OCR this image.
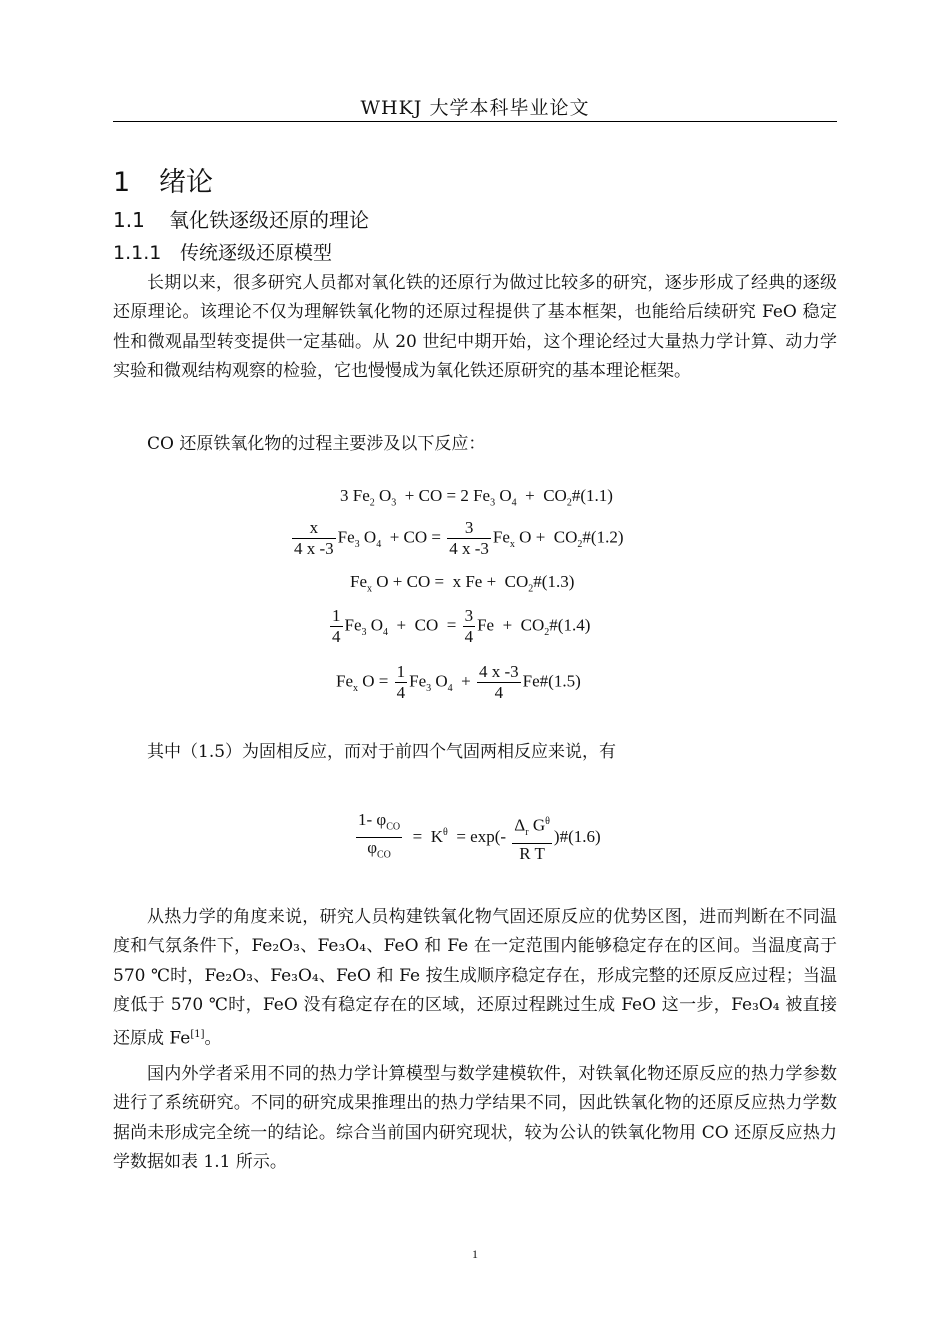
WHKJ 大学本科毕业论文
1 绪论
1.1 氧化铁逐级还原的理论
1.1.1 传统逐级还原模型

长期以来，很多研究人员都对氧化铁的还原行为做过比较多的研究，逐步形成了经典的逐级还原理论。该理论不仅为理解铁氧化物的还原过程提供了基本框架，也能给后续研究 FeO 稳定性和微观晶型转变提供一定基础。从 20 世纪中期开始，这个理论经过大量热力学计算、动力学实验和微观结构观察的检验，它也慢慢成为氧化铁还原研究的基本理论框架。

CO 还原铁氧化物的过程主要涉及以下反应：

3 $Fe_2$ $O_3$  + CO = 2 $Fe_3$ $O_4$  +  $CO_2\#(1.1)$
$\frac{x}{4 x -3} Fe_3$ $O_4$  + CO = $\frac{3}{4 x -3} Fe_x$ $O + CO_2\#(1.2)$
$Fe_x$ O + CO =  x $Fe + CO_2\#(1.3)$
$\frac{1}{4} Fe_3$ $O_4$  +  CO  = $\frac{3}{4}$ $Fe + CO_2\#(1.4)$
$Fe_x$ $O = \frac{1}{4} Fe_3$ $O_4 + \frac{4 x -3}{4}$ Fe#(1.5)

其中（1.5）为固相反应，而对于前四个气固两相反应来说，有

$\frac{1- \varphi_{CO}}{\varphi_{CO}} = K^\theta = \exp(- \frac{\Delta_r G^\theta}{\text{R T}}$ )#(1.6)

从热力学的角度来说，研究人员构建铁氧化物气固还原反应的优势区图，进而判断在不同温度和气氛条件下，Fe₂O₃、Fe₃O₄、FeO 和 Fe 在一定范围内能够稳定存在的区间。当温度高于 570 ℃时，Fe₂O₃、Fe₃O₄、FeO 和 Fe 按生成顺序稳定存在，形成完整的还原反应过程；当温度低于 570 ℃时，FeO 没有稳定存在的区域，还原过程跳过生成 FeO 这一步，Fe₃O₄ 被直接还原成 Fe[1]。

国内外学者采用不同的热力学计算模型与数学建模软件，对铁氧化物还原反应的热力学参数进行了系统研究。不同的研究成果推理出的热力学结果不同，因此铁氧化物的还原反应热力学数据尚未形成完全统一的结论。综合当前国内研究现状，较为公认的铁氧化物用 CO 还原反应热力学数据如表 1.1 所示。

1
